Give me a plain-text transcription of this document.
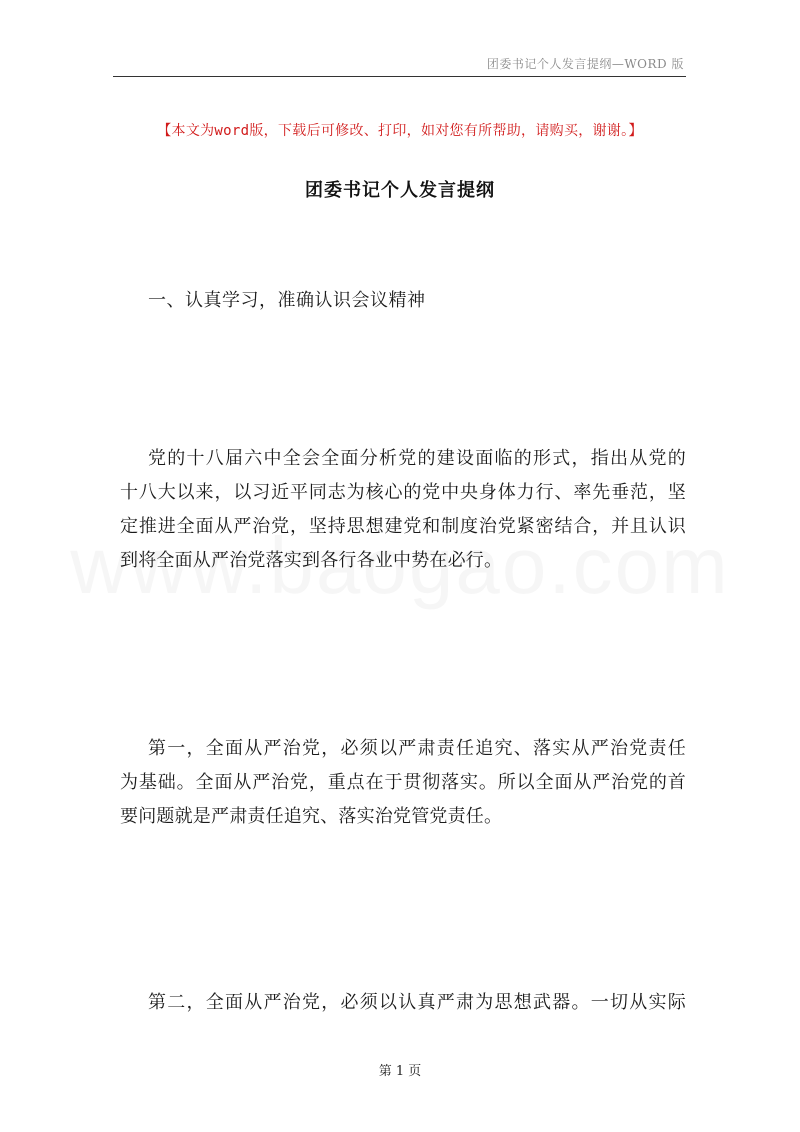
团委书记个人发言提纲—WORD 版
【本文为word版，下载后可修改、打印，如对您有所帮助，请购买，谢谢。】
团委书记个人发言提纲
一、认真学习，准确认识会议精神
党的十八届六中全会全面分析党的建设面临的形式，指出从党的
十八大以来，以习近平同志为核心的党中央身体力行、率先垂范，坚
定推进全面从严治党，坚持思想建党和制度治党紧密结合，并且认识
到将全面从严治党落实到各行各业中势在必行。
第一，全面从严治党，必须以严肃责任追究、落实从严治党责任
为基础。全面从严治党，重点在于贯彻落实。所以全面从严治党的首
要问题就是严肃责任追究、落实治党管党责任。
第二，全面从严治党，必须以认真严肃为思想武器。一切从实际
第 1 页
